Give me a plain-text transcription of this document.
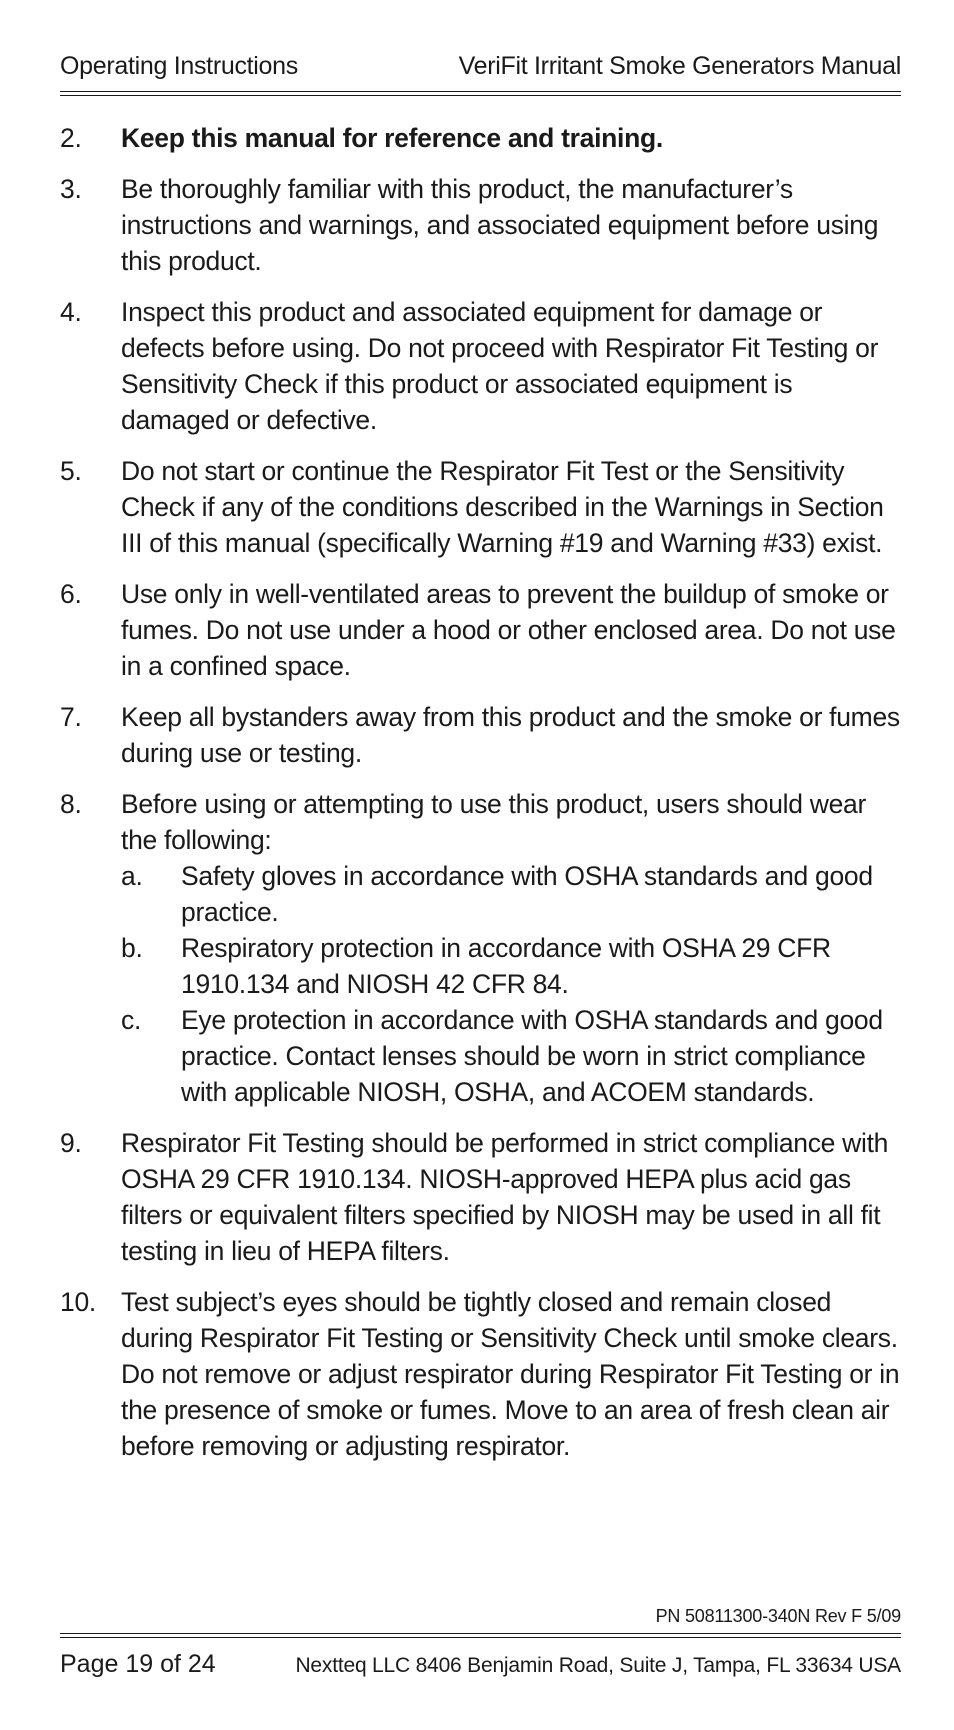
Operating Instructions	VeriFit Irritant Smoke Generators Manual
2.	Keep this manual for reference and training.
3.	Be thoroughly familiar with this product, the manufacturer’s instructions and warnings, and associated equipment before using this product.
4.	Inspect this product and associated equipment for damage or defects before using. Do not proceed with Respirator Fit Testing or Sensitivity Check if this product or associated equipment is damaged or defective.
5.	Do not start or continue the Respirator Fit Test or the Sensitivity Check if any of the conditions described in the Warnings in Section III of this manual (specifically Warning #19 and Warning #33) exist.
6.	Use only in well-ventilated areas to prevent the buildup of smoke or fumes. Do not use under a hood or other enclosed area. Do not use in a confined space.
7.	Keep all bystanders away from this product and the smoke or fumes during use or testing.
8.	Before using or attempting to use this product, users should wear the following:
a.	Safety gloves in accordance with OSHA standards and good practice.
b.	Respiratory protection in accordance with OSHA 29 CFR 1910.134 and NIOSH 42 CFR 84.
c.	Eye protection in accordance with OSHA standards and good practice. Contact lenses should be worn in strict compliance with applicable NIOSH, OSHA, and ACOEM standards.
9.	Respirator Fit Testing should be performed in strict compliance with OSHA 29 CFR 1910.134. NIOSH-approved HEPA plus acid gas filters or equivalent filters specified by NIOSH may be used in all fit testing in lieu of HEPA filters.
10. Test subject’s eyes should be tightly closed and remain closed during Respirator Fit Testing or Sensitivity Check until smoke clears. Do not remove or adjust respirator during Respirator Fit Testing or in the presence of smoke or fumes. Move to an area of fresh clean air before removing or adjusting respirator.
PN 50811300-340N Rev F 5/09
Page 19 of 24	Nextteq LLC 8406 Benjamin Road, Suite J, Tampa, FL 33634 USA
